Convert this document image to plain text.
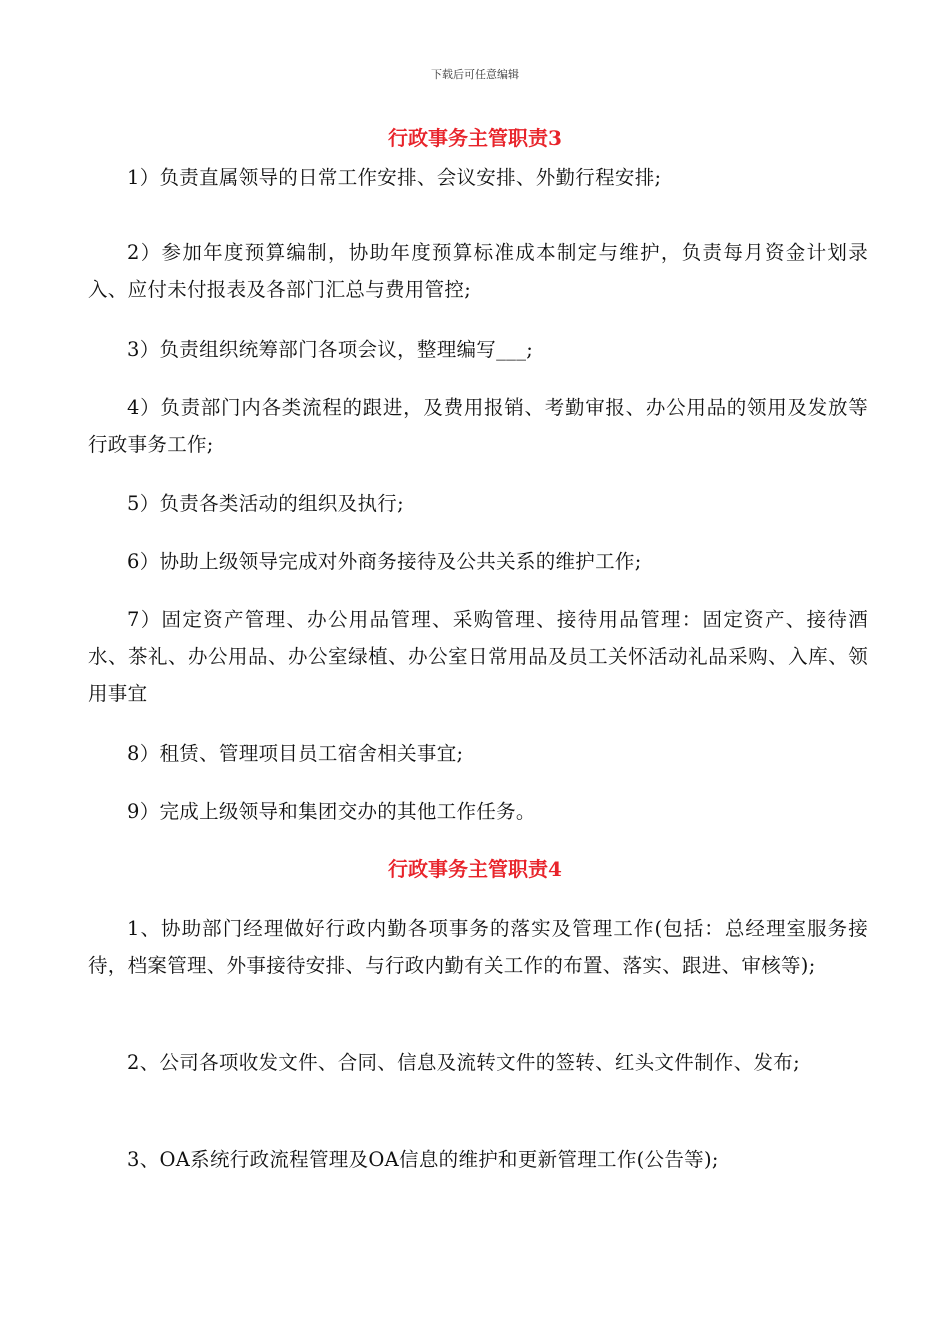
下载后可任意编辑
行政事务主管职责3

1）负责直属领导的日常工作安排、会议安排、外勤行程安排;

2）参加年度预算编制，协助年度预算标准成本制定与维护，负责每月资金计划录入、应付未付报表及各部门汇总与费用管控;

3）负责组织统筹部门各项会议，整理编写___;

4）负责部门内各类流程的跟进，及费用报销、考勤审报、办公用品的领用及发放等行政事务工作;

5）负责各类活动的组织及执行;

6）协助上级领导完成对外商务接待及公共关系的维护工作;

7）固定资产管理、办公用品管理、采购管理、接待用品管理：固定资产、接待酒水、茶礼、办公用品、办公室绿植、办公室日常用品及员工关怀活动礼品采购、入库、领用事宜

8）租赁、管理项目员工宿舍相关事宜;

9）完成上级领导和集团交办的其他工作任务。

行政事务主管职责4

1、协助部门经理做好行政内勤各项事务的落实及管理工作(包括：总经理室服务接待，档案管理、外事接待安排、与行政内勤有关工作的布置、落实、跟进、审核等);

2、公司各项收发文件、合同、信息及流转文件的签转、红头文件制作、发布;

3、OA系统行政流程管理及OA信息的维护和更新管理工作(公告等);
